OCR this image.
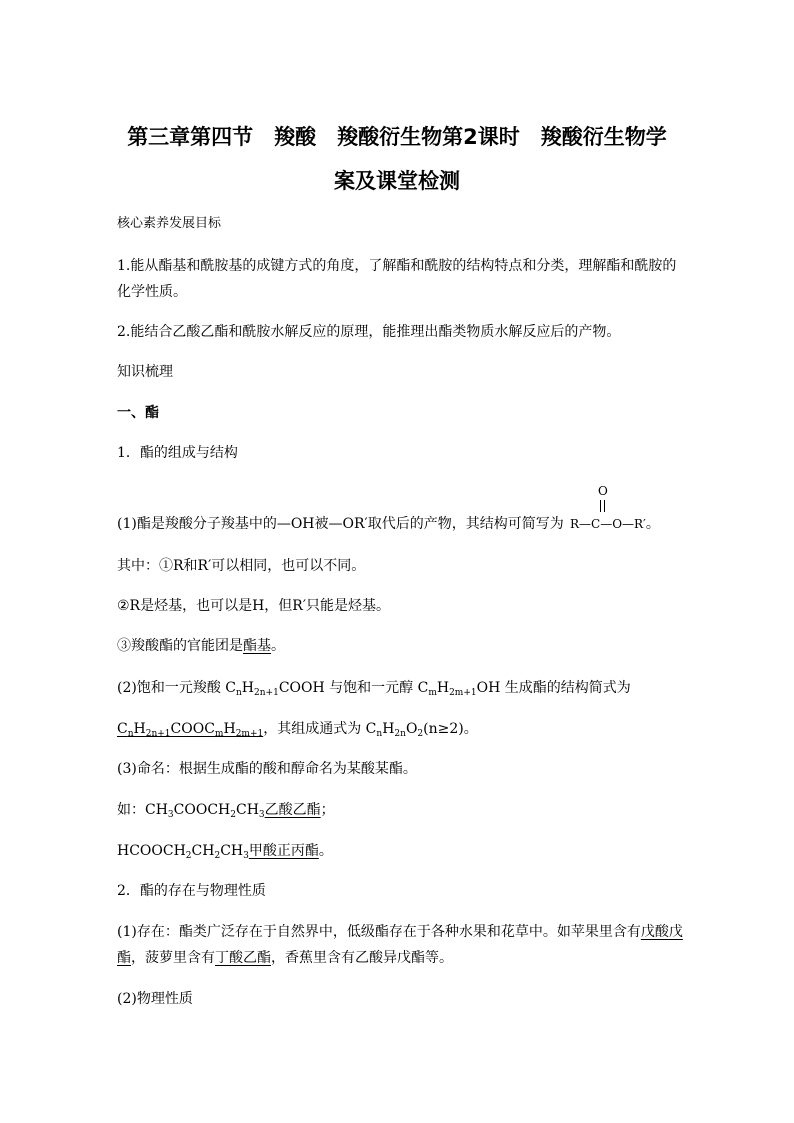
第三章第四节　羧酸　羧酸衍生物第2课时　羧酸衍生物学
案及课堂检测
核心素养发展目标
1.能从酯基和酰胺基的成键方式的角度，了解酯和酰胺的结构特点和分类，理解酯和酰胺的
化学性质。
2.能结合乙酸乙酯和酰胺水解反应的原理，能推理出酯类物质水解反应后的产物。
知识梳理
一、酯
1．酯的组成与结构
(1)酯是羧酸分子羧基中的—OH被—OR′取代后的产物，其结构可简写为
O
R—C—O—R′。
其中：①R和R′可以相同，也可以不同。
②R是烃基，也可以是H，但R′只能是烃基。
③羧酸酯的官能团是酯基。
(2)饱和一元羧酸 $C_nH_{2n+1}COOH$ 与饱和一元醇 $C_mH_{2m+1}OH$ 生成酯的结构简式为
$C_nH_{2n+1}COOC_mH_{2m+1}$，其组成通式为 $C_nH_{2n}O_2(n\ge 2)$。
(3)命名：根据生成酯的酸和醇命名为某酸某酯。
如：$CH_3COOCH_2CH_3$乙酸乙酯；
$HCOOCH_2CH_2CH_3$甲酸正丙酯。
2．酯的存在与物理性质
(1)存在：酯类广泛存在于自然界中，低级酯存在于各种水果和花草中。如苹果里含有戊酸戊
酯，菠萝里含有丁酸乙酯，香蕉里含有乙酸异戊酯等。
(2)物理性质
